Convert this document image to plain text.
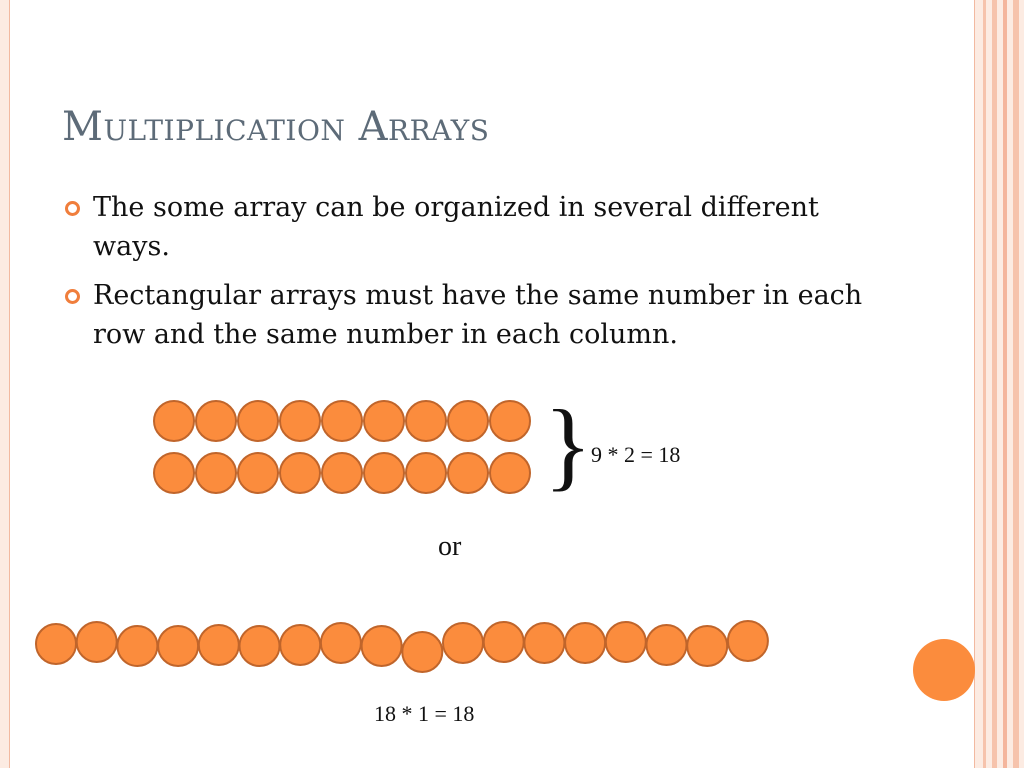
Multiplication Arrays
The some array can be organized in several different ways.
Rectangular arrays must have the same number in each row and the same number in each column.
} 9 * 2 = 18
or
18 * 1 = 18
